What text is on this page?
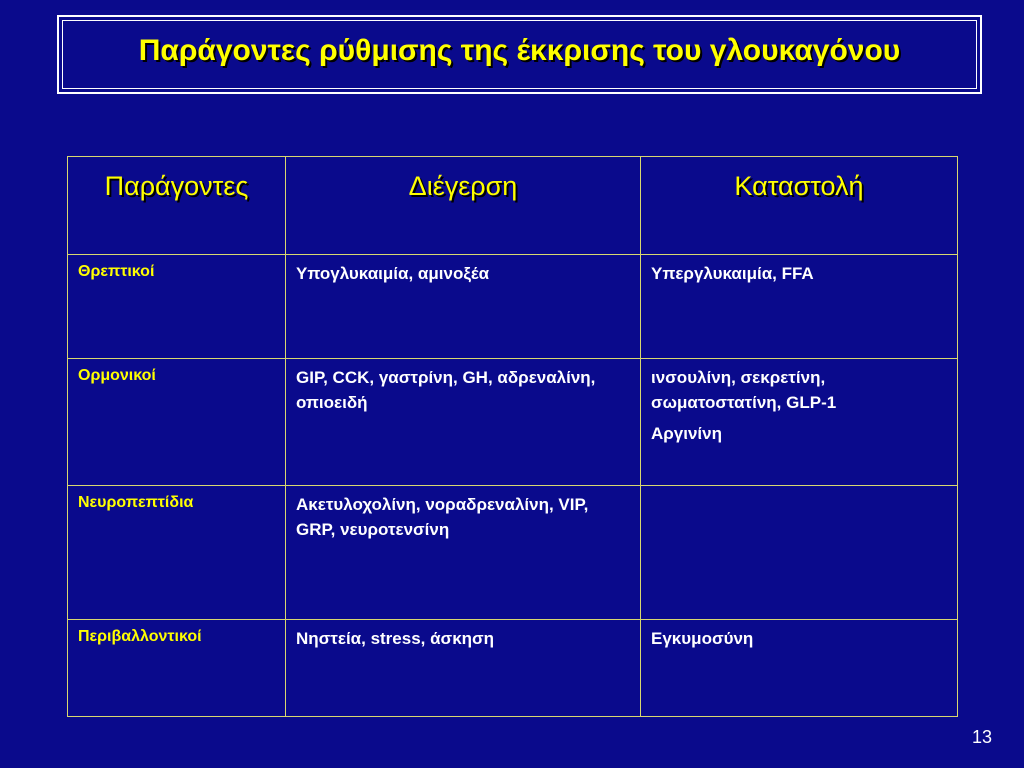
Παράγοντες ρύθμισης της έκκρισης του γλουκαγόνου
Παράγοντες	Διέγερση	Καταστολή
Θρεπτικοί	Υπογλυκαιμία, αμινοξέα	Υπεργλυκαιμία, FFA
Ορμονικοί	GIP, CCK, γαστρίνη, GH, αδρεναλίνη, οπιοειδή	ινσουλίνη, σεκρετίνη, σωματοστατίνη, GLP-1
Αργινίνη

Νευροπεπτίδια	Ακετυλοχολίνη, νοραδρεναλίνη, VIP, GRP, νευροτενσίνη	
Περιβαλλοντικοί	Νηστεία, stress, άσκηση	Εγκυμοσύνη
13
